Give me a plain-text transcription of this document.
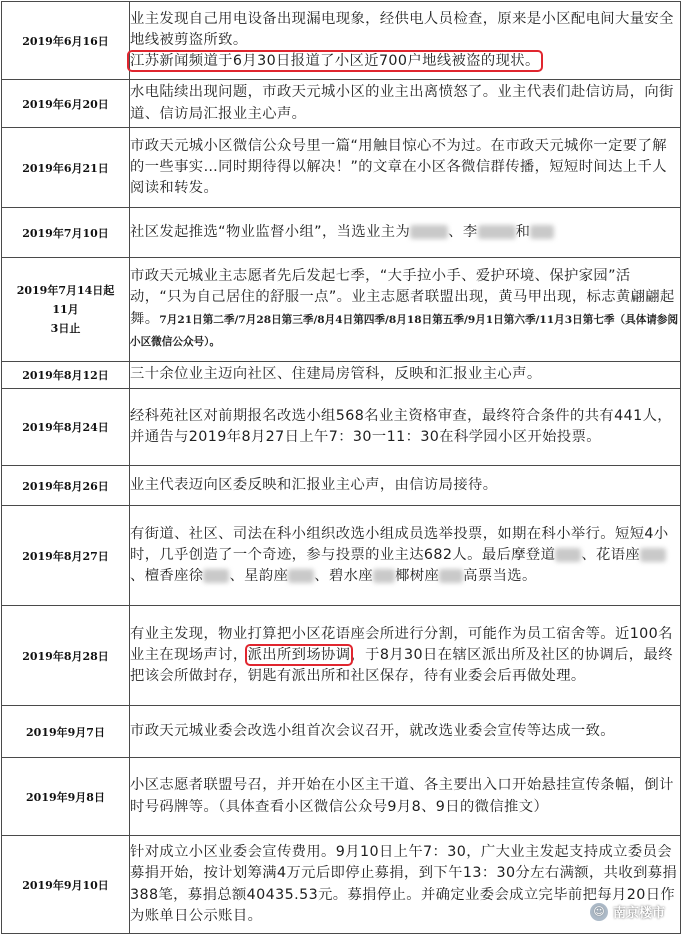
2019年6月16日	业主发现自己用电设备出现漏电现象，经供电人员检查，原来是小区配电间大量安全地线被剪盗所致。
江苏新闻频道于6月30日报道了小区近700户地线被盗的现状。
2019年6月20日	水电陆续出现问题，市政天元城小区的业主出离愤怒了。业主代表们赴信访局，向街道、信访局汇报业主心声。
2019年6月21日	市政天元城小区微信公众号里一篇“用触目惊心不为过。在市政天元城你一定要了解的一些事实…同时期待得以解决！”的文章在小区各微信群传播，短短时间达上千人阅读和转发。
2019年7月10日	社区发起推选“物业监督小组”，当选业主为 、李 和

2019年7月14日起
11月
3日止	市政天元城业主志愿者先后发起七季，“大手拉小手、爱护环境、保护家园”活动，“只为自己居住的舒服一点”。业主志愿者联盟出现，黄马甲出现，标志黄翩翩起舞。7月21日第二季/7月28日第三季/8月4日第四季/8月18日第五季/9月1日第六季/11月3日第七季（具体请参阅小区微信公众号）。
2019年8月12日	三十余位业主迈向社区、住建局房管科，反映和汇报业主心声。
2019年8月24日	经科苑社区对前期报名改选小组568名业主资格审查，最终符合条件的共有441人，并通告与2019年8月27日上午7：30一11：30在科学园小区开始投票。
2019年8月26日	业主代表迈向区委反映和汇报业主心声，由信访局接待。
2019年8月27日	有街道、社区、司法在科小组织改选小组成员选举投票，如期在科小举行。短短4小时，几乎创造了一个奇迹，参与投票的业主达682人。最后摩登道 、花语座、檀香座徐 、星韵座 、碧水座 椰树座 高票当选。
2019年8月28日	有业主发现，物业打算把小区花语座会所进行分割，可能作为员工宿舍等。近100名业主在现场声讨，派出所到场协调，于8月30日在辖区派出所及社区的协调后，最终把该会所做封存，钥匙有派出所和社区保存，待有业委会后再做处理。
2019年9月7日	市政天元城业委会改选小组首次会议召开，就改选业委会宣传等达成一致。
2019年9月8日	小区志愿者联盟号召，并开始在小区主干道、各主要出入口开始悬挂宣传条幅，倒计时号码牌等。（具体查看小区微信公众号9月8、9日的微信推文）
2019年9月10日	针对成立小区业委会宣传费用。9月10日上午7：30，广大业主发起支持成立委员会募捐开始，按计划筹满4万元后即停止募捐，到下午13：30分左右满额，共收到募捐388笔，募捐总额40435.53元。募捐停止。并确定业委会成立完毕前把每月20日作为账单日公示账目。	☺ 南京楼市
